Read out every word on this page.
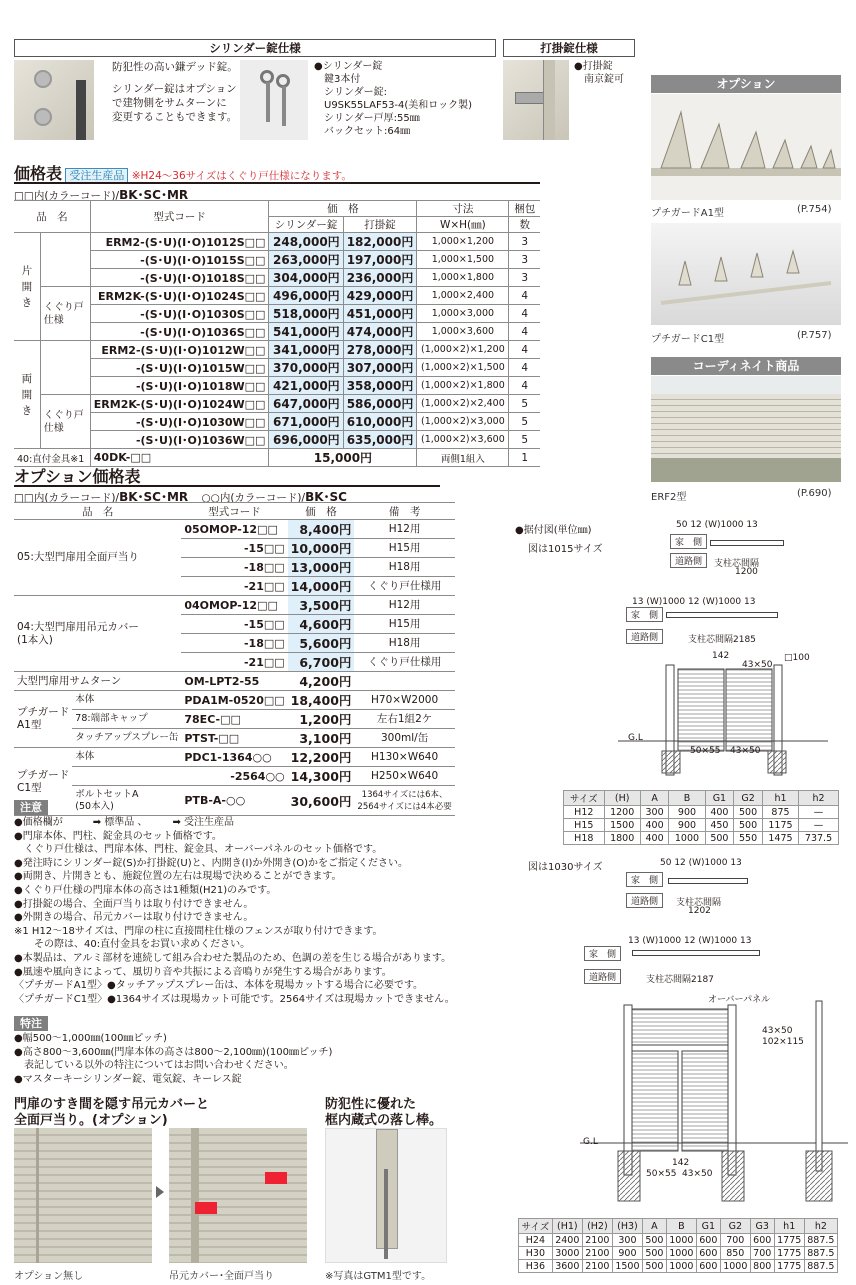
シリンダー錠仕様
防犯性の高い鎌デッド錠。
シリンダー錠はオプション
で建物側をサムターンに
変更することもできます。
●シリンダー錠
鍵3本付
シリンダー錠:
U9SK55LAF53-4(美和ロック製)
シリンダー戸厚:55㎜
バックセット:64㎜
打掛錠仕様
●打掛錠
南京錠可
価格表 受注生産品 ※H24～36サイズはくぐり戸仕様になります。
□□内(カラーコード)/BK･SC･MR
品　名		型式コード	価　格		寸法	梱包
			シリンダー錠	打掛錠	W×H(㎜)	数
片
開
き		ERM2-(S･U)(I･O)1012S□□	248,000円	182,000円	1,000×1,200	3
		-(S･U)(I･O)1015S□□	263,000円	197,000円	1,000×1,500	3
		-(S･U)(I･O)1018S□□	304,000円	236,000円	1,000×1,800	3
	くぐり戸
仕様	ERM2K-(S･U)(I･O)1024S□□	496,000円	429,000円	1,000×2,400	4
		-(S･U)(I･O)1030S□□	518,000円	451,000円	1,000×3,000	4
		-(S･U)(I･O)1036S□□	541,000円	474,000円	1,000×3,600	4
両
開
き		ERM2-(S･U)(I･O)1012W□□	341,000円	278,000円	(1,000×2)×1,200	4
		-(S･U)(I･O)1015W□□	370,000円	307,000円	(1,000×2)×1,500	4
		-(S･U)(I･O)1018W□□	421,000円	358,000円	(1,000×2)×1,800	4
	くぐり戸
仕様	ERM2K-(S･U)(I･O)1024W□□	647,000円	586,000円	(1,000×2)×2,400	5
		-(S･U)(I･O)1030W□□	671,000円	610,000円	(1,000×2)×3,000	5
		-(S･U)(I･O)1036W□□	696,000円	635,000円	(1,000×2)×3,600	5
40:直付金具※1		40DK-□□	15,000円		両側1組入	1
オプション価格表
□□内(カラーコード)/BK･SC･MR ○○内(カラーコード)/BK･SC
品　名		型式コード	価　格	備　考
05:大型門扉用全面戸当り		05OMOP-12□□	8,400円	H12用
		-15□□	10,000円	H15用
		-18□□	13,000円	H18用
		-21□□	14,000円	くぐり戸仕様用
04:大型門扉用吊元カバー
(1本入)		04OMOP-12□□	3,500円	H12用
		-15□□	4,600円	H15用
		-18□□	5,600円	H18用
		-21□□	6,700円	くぐり戸仕様用
大型門扉用サムターン		OM-LPT2-55	4,200円	
プチガード
A1型	本体	PDA1M-0520□□	18,400円	H70×W2000
	78:端部キャップ	78EC-□□	1,200円	左右1組2ケ
	タッチアップスプレー缶	PTST-□□	3,100円	300ml/缶
プチガード
C1型	本体	PDC1-1364○○	12,200円	H130×W640
		-2564○○	14,300円	H250×W640
	ボルトセットA
(50本入)	PTB-A-○○	30,600円	1364サイズには6本、
2564サイズには4本必要
注意

●価格欄が　　　➡ 標準品 、　　　➡ 受注生産品

●門扉本体、門柱、錠金具のセット価格です。

　くぐり戸仕様は、門扉本体、門柱、錠金具、オーバーパネルのセット価格です。

●発注時にシリンダー錠(S)か打掛錠(U)と、内開き(I)か外開き(O)かをご指定ください。

●両開き、片開きとも、施錠位置の左右は現場で決めることができます。

●くぐり戸仕様の門扉本体の高さは1種類(H21)のみです。

●打掛錠の場合、全面戸当りは取り付けできません。

●外開きの場合、吊元カバーは取り付けできません。

※1 H12～18サイズは、門扉の柱に直接間柱仕様のフェンスが取り付けできます。

　　その際は、40:直付金具をお買い求めください。

●本製品は、アルミ部材を連続して組み合わせた製品のため、色調の差を生じる場合があります。

●風速や風向きによって、風切り音や共振による音鳴りが発生する場合があります。

〈プチガードA1型〉●タッチアップスプレー缶は、本体を現場カットする場合に必要です。

〈プチガードC1型〉●1364サイズは現場カット可能です。2564サイズは現場カットできません。

特注

●幅500～1,000㎜(100㎜ピッチ)

●高さ800～3,600㎜(門扉本体の高さは800～2,100㎜)(100㎜ピッチ)

　表記している以外の特注についてはお問い合わせください。

●マスターキーシリンダー錠、電気錠、キーレス錠

門扉のすき間を隠す吊元カバーと
全面戸当り。(オプション)
防犯性に優れた
框内蔵式の落し棒。
オプション無し	吊元カバー･全面戸当り	※写真はGTM1型です。
オプション
プチガードA1型	(P.754)
プチガードC1型	(P.757)
コーディネイト商品
ERF2型	(P.690)
●据付図(単位㎜)
図は1015サイズ
50 12 (W)1000 13
家　側
道路側	支柱芯間隔
1200
13 (W)1000 12 (W)1000 13
家　側
道路側	支柱芯間隔2185
142
43×50
□100
G.L
50×55 43×50
サイズ	(H)	A	B	G1	G2	h1	h2
H12	1200	300	900	400	500	875	—
H15	1500	400	900	450	500	1175	—
H18	1800	400	1000	500	550	1475	737.5
図は1030サイズ	50 12 (W)1000 13
家　側
道路側	支柱芯間隔
1202
13 (W)1000 12 (W)1000 13
家　側
道路側	支柱芯間隔2187
オーバーパネル
43×50
102×115
G.L
142
50×55 43×50
サイズ	(H1)	(H2)	(H3)	A	B	G1	G2	G3	h1	h2
H24	2400	2100	300	500	1000	600	700	600	1775	887.5
H30	3000	2100	900	500	1000	600	850	700	1775	887.5
H36	3600	2100	1500	500	1000	600	1000	800	1775	887.5
